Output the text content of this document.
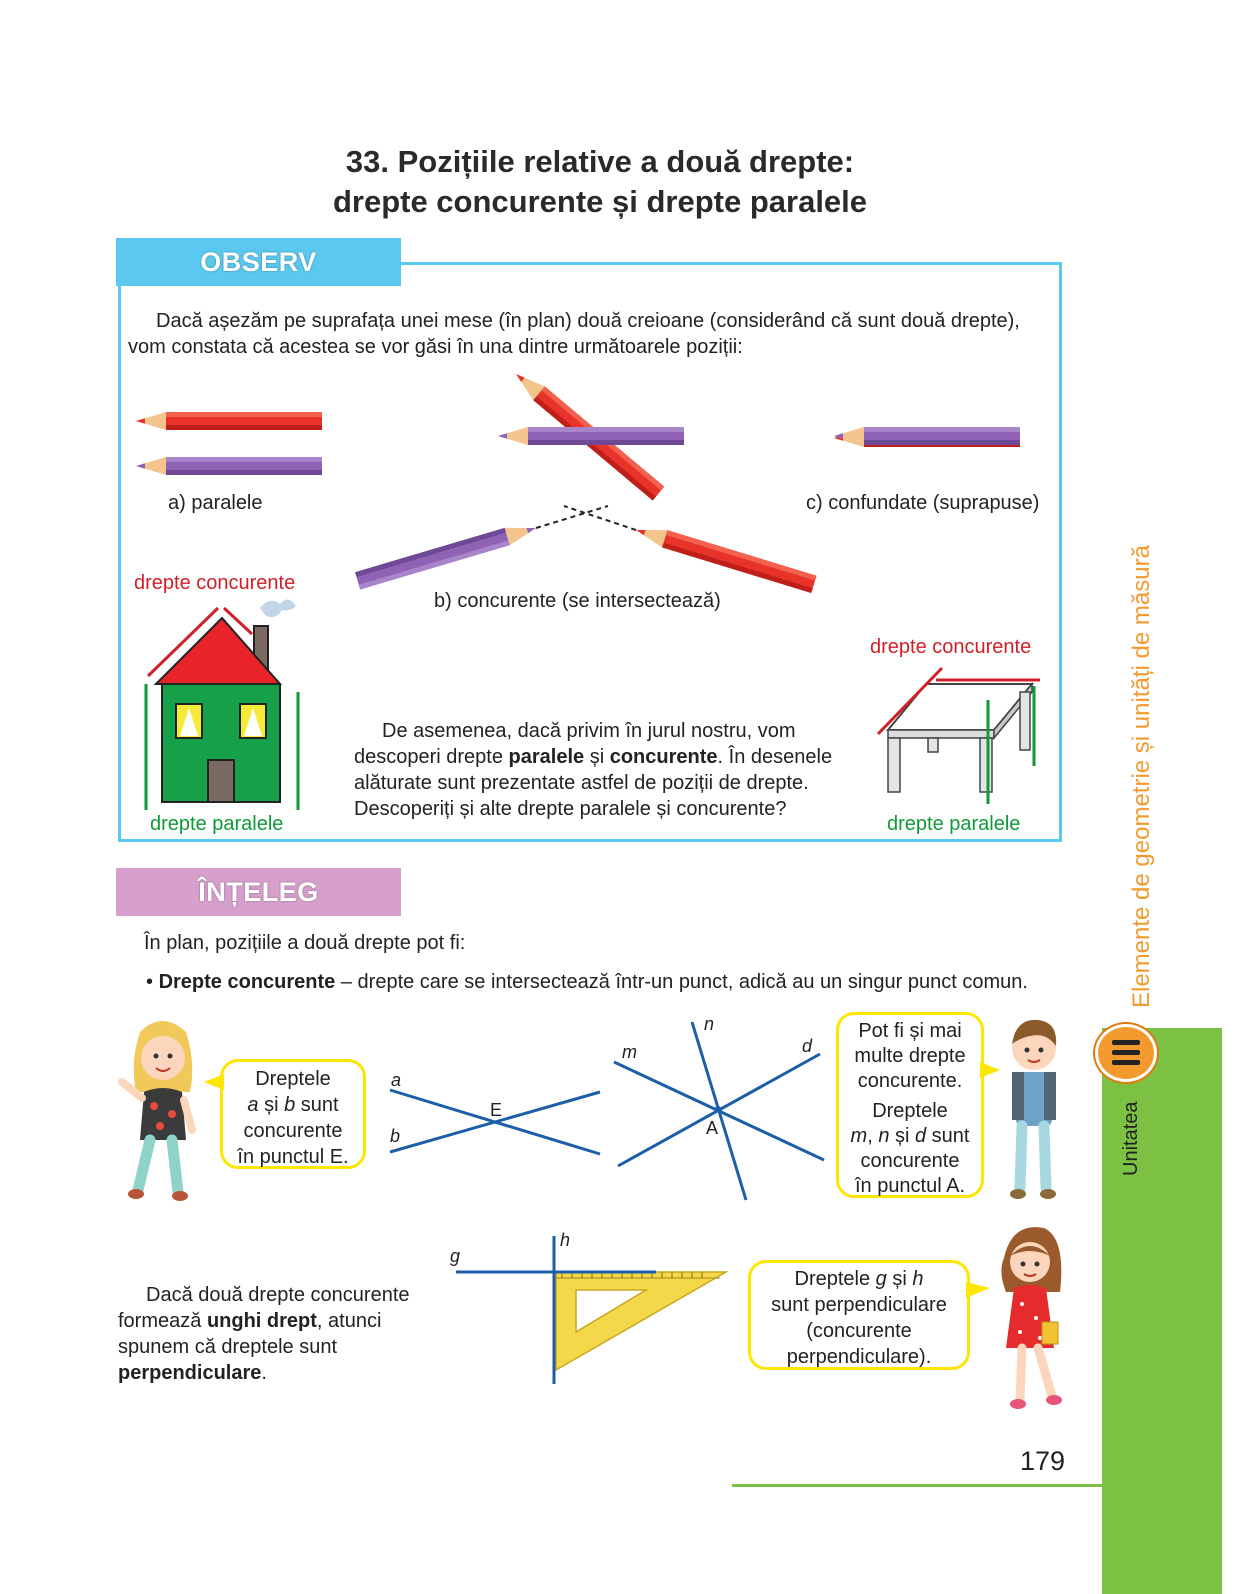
33. Pozițiile relative a două drepte:
drepte concurente și drepte paralele
OBSERV
Dacă așezăm pe suprafața unei mese (în plan) două creioane (considerând că sunt două drepte),
vom constata că acestea se vor găsi în una dintre următoarele poziții:
a) paralele	c) confundate (suprapuse)
b) concurente (se intersectează)
drepte concurente
drepte paralele
De asemenea, dacă privim în jurul nostru, vom
descoperi drepte paralele și concurente. În desenele
alăturate sunt prezentate astfel de poziții de drepte.
Descoperiți și alte drepte paralele și concurente?
drepte concurente
drepte paralele
ÎNȚELEG
În plan, pozițiile a două drepte pot fi:
• Drepte concurente – drepte care se intersectează într-un punct, adică au un singur punct comun.
Dreptele
a și b sunt
concurente
în punctul E.
a
b
E
m
n
d
A
Pot fi și mai
multe drepte
concurente.
Dreptele
m, n și d sunt
concurente
în punctul A.
g
h
Dacă două drepte concurente
formează unghi drept, atunci
spunem că dreptele sunt
perpendiculare.
Dreptele g și h
sunt perpendiculare
(concurente
perpendiculare).
179
Elemente de geometrie și unități de măsură
Unitatea
